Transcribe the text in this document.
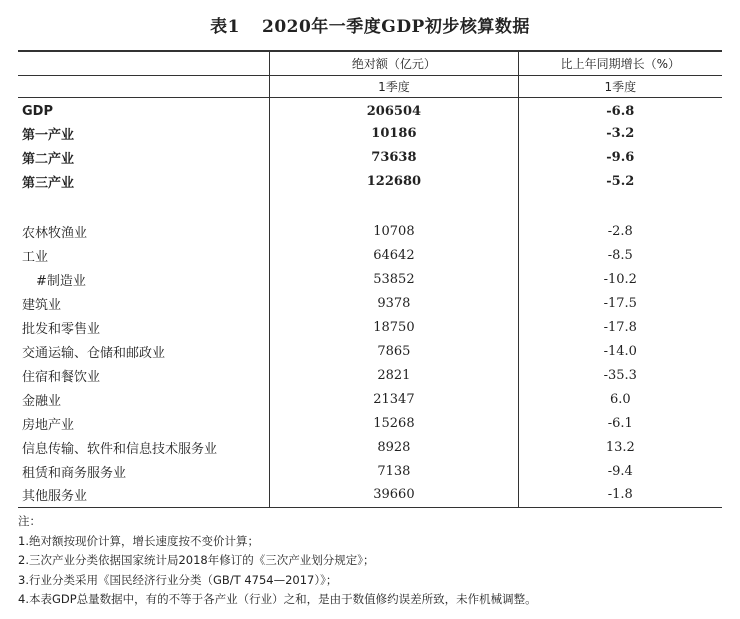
表1 2020年一季度GDP初步核算数据
	绝对额（亿元）	比上年同期增长（%）
	1季度	1季度
GDP	206504	-6.8
第一产业	10186	-3.2
第二产业	73638	-9.6
第三产业	122680	-5.2

农林牧渔业	10708	-2.8
工业	64642	-8.5
#制造业	53852	-10.2
建筑业	9378	-17.5
批发和零售业	18750	-17.8
交通运输、仓储和邮政业	7865	-14.0
住宿和餐饮业	2821	-35.3
金融业	21347	6.0
房地产业	15268	-6.1
信息传输、软件和信息技术服务业	8928	13.2
租赁和商务服务业	7138	-9.4
其他服务业	39660	-1.8
注：
1.绝对额按现价计算，增长速度按不变价计算；
2.三次产业分类依据国家统计局2018年修订的《三次产业划分规定》；
3.行业分类采用《国民经济行业分类（GB/T 4754—2017）》；
4.本表GDP总量数据中，有的不等于各产业（行业）之和，是由于数值修约误差所致，未作机械调整。
